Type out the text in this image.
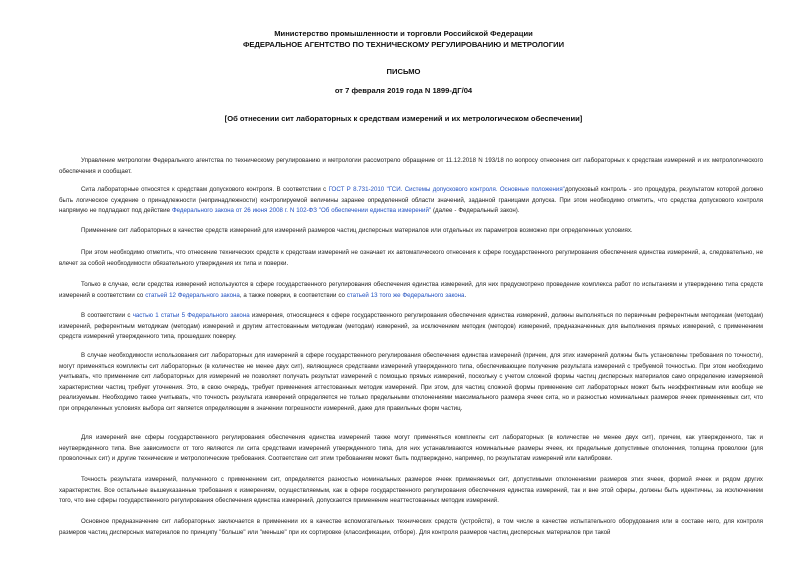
Министерство промышленности и торговли Российской Федерации
ФЕДЕРАЛЬНОЕ АГЕНТСТВО ПО ТЕХНИЧЕСКОМУ РЕГУЛИРОВАНИЮ И МЕТРОЛОГИИ
ПИСЬМО
от 7 февраля 2019 года N 1899-ДГ/04
[Об отнесении сит лабораторных к средствам измерений и их метрологическом обеспечении]

Управление метрологии Федерального агентства по техническому регулированию и метрологии рассмотрело обращение от 11.12.2018 N 193/18 по вопросу отнесения сит лабораторных к средствам измерений и их метрологического обеспечения и сообщает.

Сита лабораторные относятся к средствам допускового контроля. В соответствии с ГОСТ Р 8.731-2010 "ГСИ. Системы допускового контроля. Основные положения"допусковый контроль - это процедура, результатом которой должно быть логическое суждение о принадлежности (непринадлежности) контролируемой величины заранее определенной области значений, заданной границами допуска. При этом необходимо отметить, что средства допускового контроля напрямую не подпадают под действие Федерального закона от 26 июня 2008 г. N 102-ФЗ "Об обеспечении единства измерений" (далее - Федеральный закон).

Применение сит лабораторных в качестве средств измерений для измерений размеров частиц дисперсных материалов или отдельных их параметров возможно при определенных условиях.

При этом необходимо отметить, что отнесение технических средств к средствам измерений не означает их автоматического отнесения к сфере государственного регулирования обеспечения единства измерений, а, следовательно, не влечет за собой необходимости обязательного утверждения их типа и поверки.

Только в случае, если средства измерений используются в сфере государственного регулирования обеспечения единства измерений, для них предусмотрено проведение комплекса работ по испытаниям и утверждению типа средств измерений в соответствии со статьей 12 Федерального закона, а также поверки, в соответствии со статьей 13 того же Федерального закона.

В соответствии с частью 1 статьи 5 Федерального закона измерения, относящиеся к сфере государственного регулирования обеспечения единства измерений, должны выполняться по первичным референтным методикам (методам) измерений, референтным методикам (методам) измерений и другим аттестованным методикам (методам) измерений, за исключением методик (методов) измерений, предназначенных для выполнения прямых измерений, с применением средств измерений утвержденного типа, прошедших поверку.

В случае необходимости использования сит лабораторных для измерений в сфере государственного регулирования обеспечения единства измерений (причем, для этих измерений должны быть установлены требования по точности), могут применяться комплекты сит лабораторных (в количестве не менее двух сит), являющиеся средствами измерений утвержденного типа, обеспечивающие получение результата измерений с требуемой точностью. При этом необходимо учитывать, что применение сит лабораторных для измерений не позволяет получать результат измерений с помощью прямых измерений, поскольку с учетом сложной формы частиц дисперсных материалов само определение измеряемой характеристики частиц требует уточнения. Это, в свою очередь, требует применения аттестованных методик измерений. При этом, для частиц сложной формы применение сит лабораторных может быть неэффективным или вообще не реализуемым. Необходимо также учитывать, что точность результата измерений определяется не только предельными отклонениями максимального размера ячеек сита, но и разностью номинальных размеров ячеек применяемых сит, что при определенных условиях выбора сит является определяющим в значении погрешности измерений, даже для правильных форм частиц.

Для измерений вне сферы государственного регулирования обеспечения единства измерений также могут применяться комплекты сит лабораторных (в количестве не менее двух сит), причем, как утвержденного, так и неутвержденного типа. Вне зависимости от того являются ли сита средствами измерений утвержденного типа, для них устанавливаются номинальные размеры ячеек, их предельные допустимые отклонения, толщина проволоки (для проволочных сит) и другие технические и метрологические требования. Соответствие сит этим требованиям может быть подтверждено, например, по результатам измерений или калибровки.

Точность результата измерений, полученного с применением сит, определяется разностью номинальных размеров ячеек применяемых сит, допустимыми отклонениями размеров этих ячеек, формой ячеек и рядом других характеристик. Все остальные вышеуказанные требования к измерениям, осуществляемым, как в сфере государственного регулирования обеспечения единства измерений, так и вне этой сферы, должны быть идентичны, за исключением того, что вне сферы государственного регулирования обеспечения единства измерений, допускается применение неаттестованных методик измерений.

Основное предназначение сит лабораторных заключается в применении их в качестве вспомогательных технических средств (устройств), в том числе в качестве испытательного оборудования или в составе него, для контроля размеров частиц дисперсных материалов по принципу "больше" или "меньше" при их сортировке (классификации, отборе). Для контроля размеров частиц дисперсных материалов при такой
